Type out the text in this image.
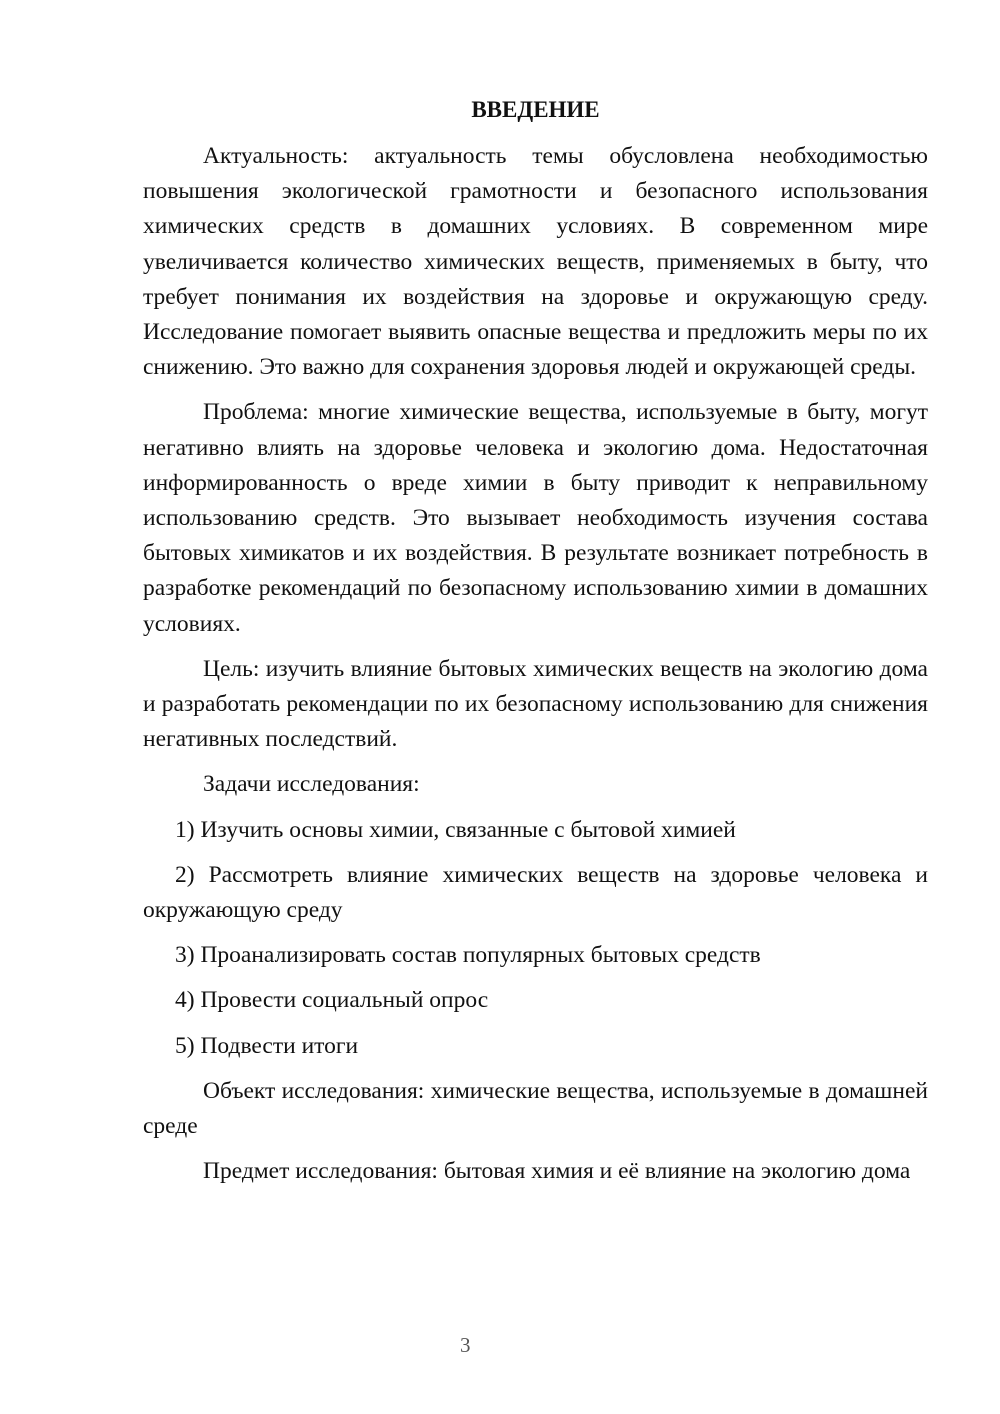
ВВЕДЕНИЕ

Актуальность: актуальность темы обусловлена необходимостью повышения экологической грамотности и безопасного использования химических средств в домашних условиях. В современном мире увеличивается количество химических веществ, применяемых в быту, что требует понимания их воздействия на здоровье и окружающую среду. Исследование помогает выявить опасные вещества и предложить меры по их снижению. Это важно для сохранения здоровья людей и окружающей среды.

Проблема: многие химические вещества, используемые в быту, могут негативно влиять на здоровье человека и экологию дома. Недостаточная информированность о вреде химии в быту приводит к неправильному использованию средств. Это вызывает необходимость изучения состава бытовых химикатов и их воздействия. В результате возникает потребность в разработке рекомендаций по безопасному использованию химии в домашних условиях.

Цель: изучить влияние бытовых химических веществ на экологию дома и разработать рекомендации по их безопасному использованию для снижения негативных последствий.

Задачи исследования:

1) Изучить основы химии, связанные с бытовой химией

2) Рассмотреть влияние химических веществ на здоровье человека и окружающую среду

3) Проанализировать состав популярных бытовых средств

4) Провести социальный опрос

5) Подвести итоги

Объект исследования: химические вещества, используемые в домашней среде

Предмет исследования: бытовая химия и её влияние на экологию дома

3
